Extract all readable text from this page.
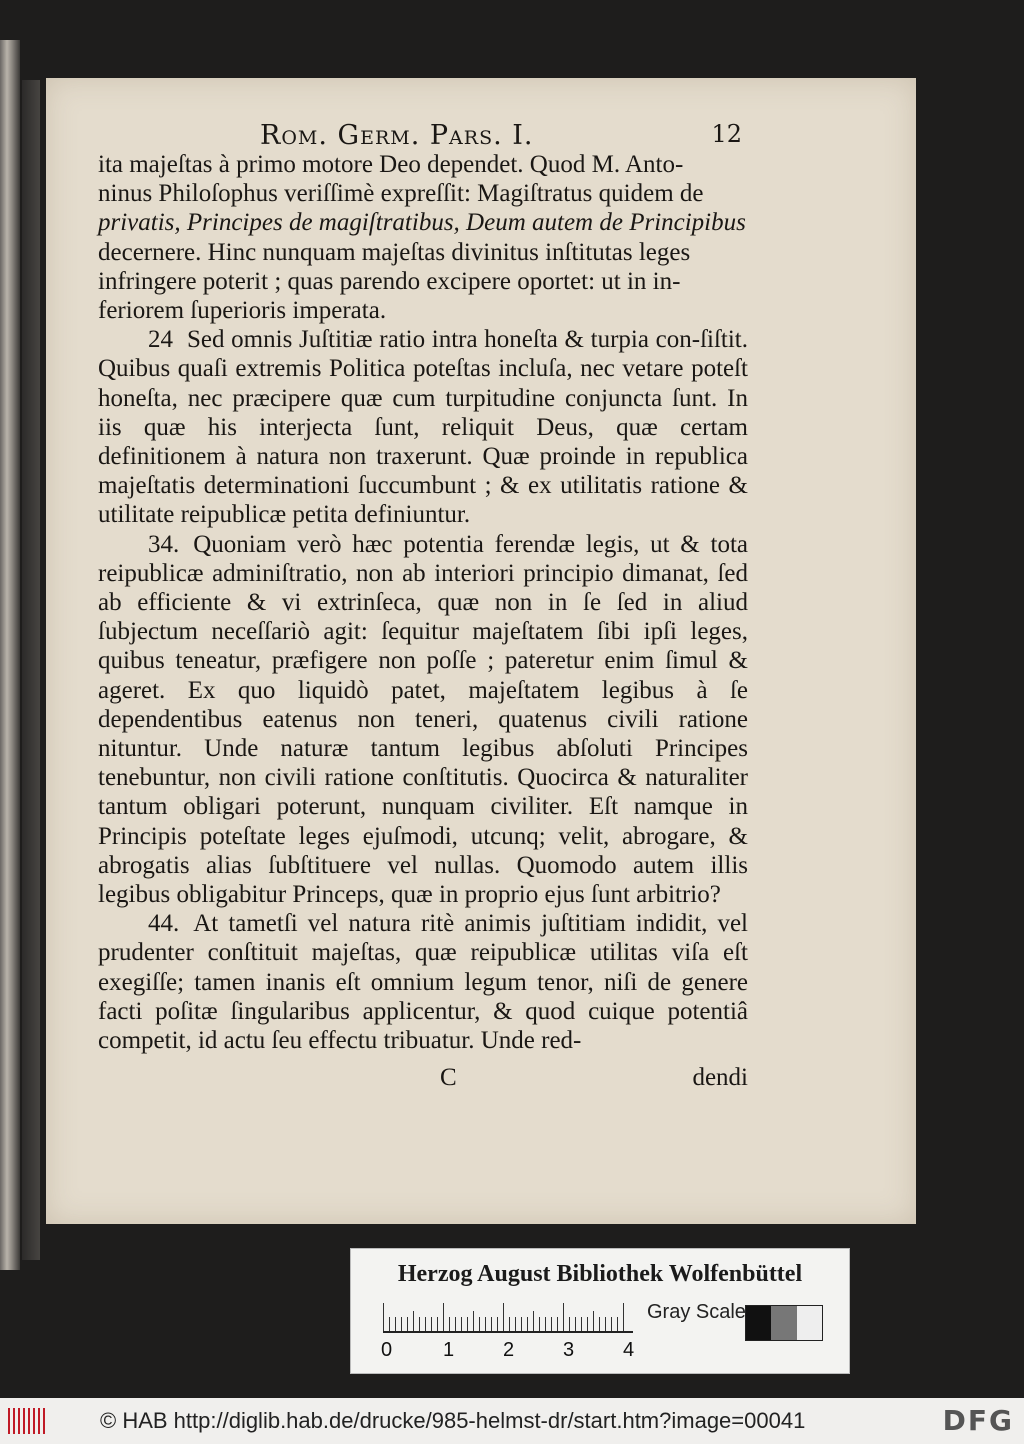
Rom. Germ. Pars. I.	12

ita majeſtas à primo motore Deo dependet. Quod M. Anto-

ninus Philoſophus veriſſimè expreſſit: Magiſtratus quidem de

privatis, Principes de magiſtratibus, Deum autem de Principibus

decernere. Hinc nunquam majeſtas divinitus inſtitutas leges

infringere poterit ; quas parendo excipere oportet: ut in in-

feriorem ſuperioris imperata.

24 Sed omnis Juſtitiæ ratio intra honeſta & turpia con-ſiſtit. Quibus quaſi extremis Politica poteſtas incluſa, nec vetare poteſt honeſta, nec præcipere quæ cum turpitudine conjuncta ſunt. In iis quæ his interjecta ſunt, reliquit Deus, quæ certam definitionem à natura non traxerunt. Quæ proinde in republica majeſtatis determinationi ſuccumbunt ; & ex utilitatis ratione & utilitate reipublicæ petita definiuntur.

34. Quoniam verò hæc potentia ferendæ legis, ut & tota reipublicæ adminiſtratio, non ab interiori principio dimanat, ſed ab efficiente & vi extrinſeca, quæ non in ſe ſed in aliud ſubjectum neceſſariò agit: ſequitur majeſtatem ſibi ipſi leges, quibus teneatur, præfigere non poſſe ; pateretur enim ſimul & ageret. Ex quo liquidò patet, majeſtatem legibus à ſe dependentibus eatenus non teneri, quatenus civili ratione nituntur. Unde naturæ tantum legibus abſoluti Principes tenebuntur, non civili ratione conſtitutis. Quocirca & naturaliter tantum obligari poterunt, nunquam civiliter. Eſt namque in Principis poteſtate leges ejuſmodi, utcunq; velit, abrogare, & abrogatis alias ſubſtituere vel nullas. Quomodo autem illis legibus obligabitur Princeps, quæ in proprio ejus ſunt arbitrio?

44. At tametſi vel natura ritè animis juſtitiam indidit, vel prudenter conſtituit majeſtas, quæ reipublicæ utilitas viſa eſt exegiſſe; tamen inanis eſt omnium legum tenor, niſi de genere facti poſitæ ſingularibus applicentur, & quod cuique potentiâ competit, id actu ſeu effectu tribuatur. Unde red-

C	dendi
Herzog August Bibliothek Wolfenbüttel
0	1 2 3 4
Gray Scale
© HAB http://diglib.hab.de/drucke/985-helmst-dr/start.htm?image=00041	DFG
